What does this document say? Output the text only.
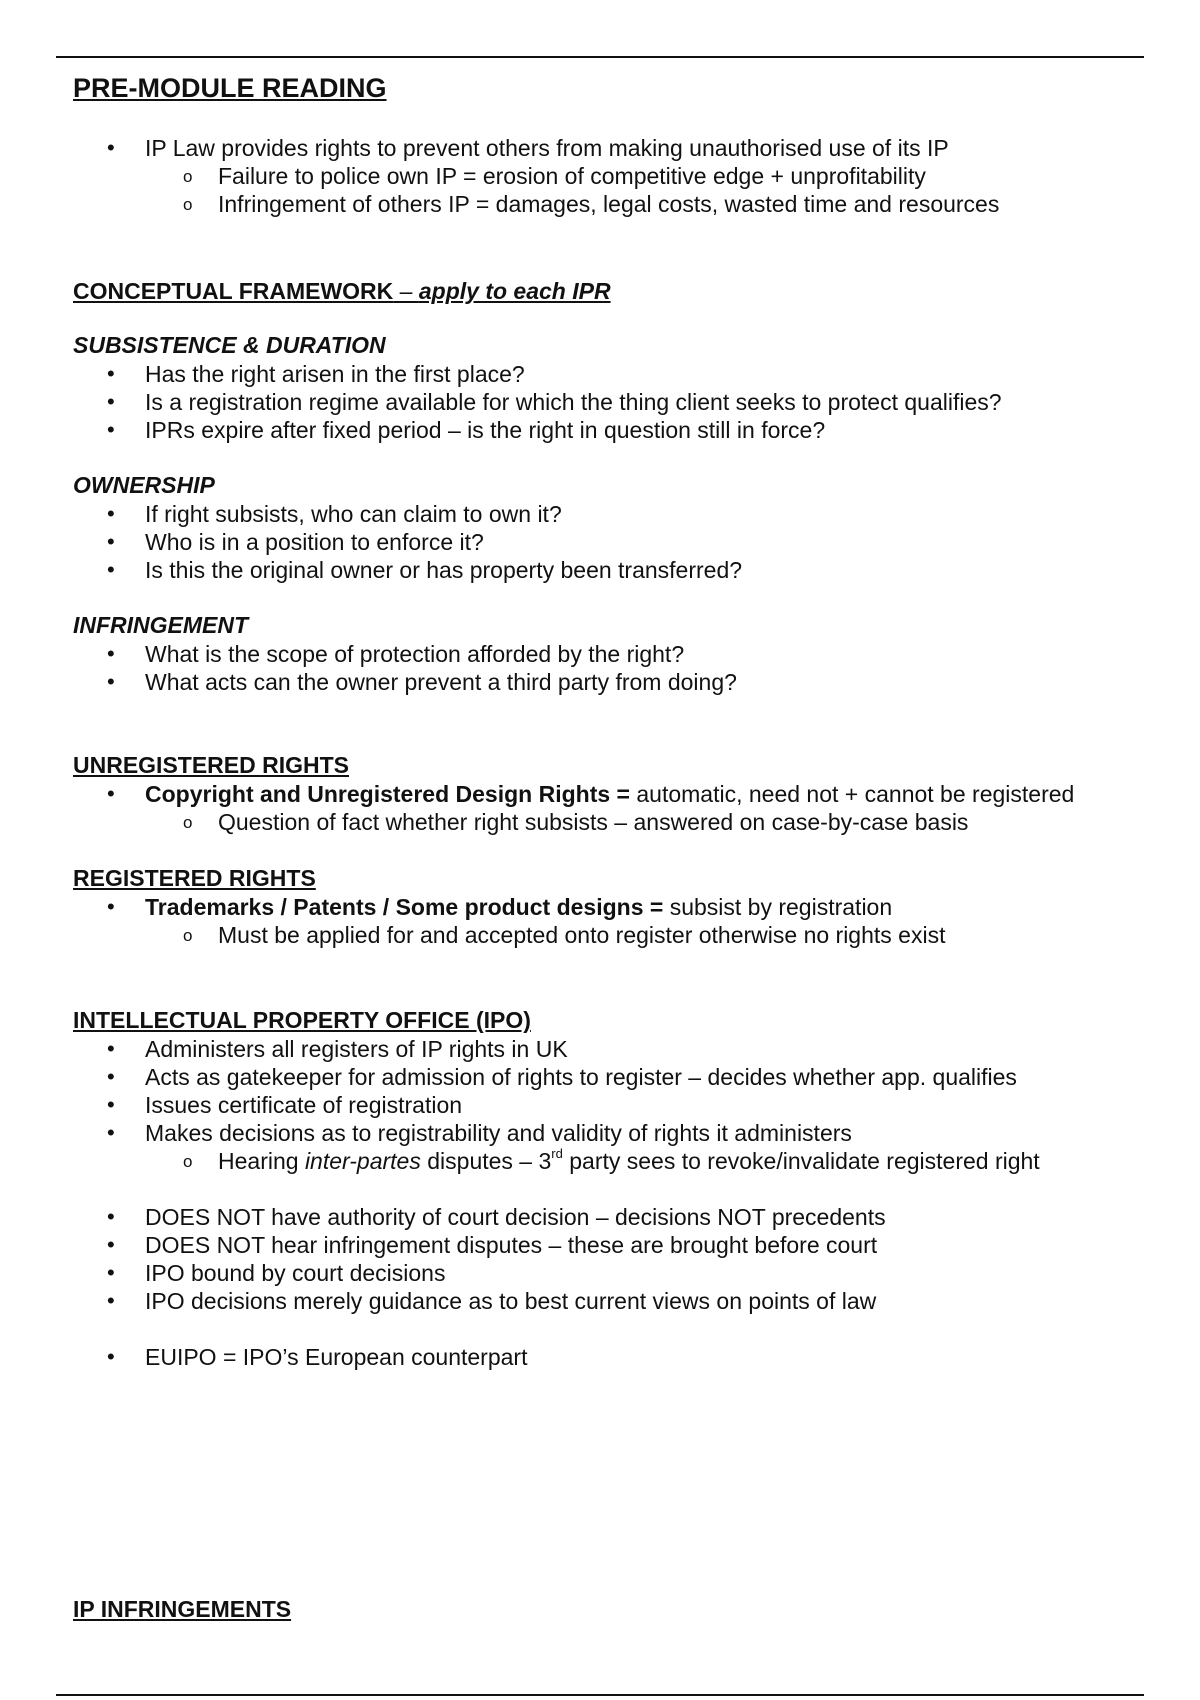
PRE-MODULE READING
• IP Law provides rights to prevent others from making unauthorised use of its IP
o Failure to police own IP = erosion of competitive edge + unprofitability
o Infringement of others IP = damages, legal costs, wasted time and resources
CONCEPTUAL FRAMEWORK – apply to each IPR
SUBSISTENCE & DURATION
• Has the right arisen in the first place?
• Is a registration regime available for which the thing client seeks to protect qualifies?
• IPRs expire after fixed period – is the right in question still in force?
OWNERSHIP
• If right subsists, who can claim to own it?
• Who is in a position to enforce it?
• Is this the original owner or has property been transferred?
INFRINGEMENT
• What is the scope of protection afforded by the right?
• What acts can the owner prevent a third party from doing?
UNREGISTERED RIGHTS
• Copyright and Unregistered Design Rights = automatic, need not + cannot be registered
o Question of fact whether right subsists – answered on case-by-case basis
REGISTERED RIGHTS
• Trademarks / Patents / Some product designs = subsist by registration
o Must be applied for and accepted onto register otherwise no rights exist
INTELLECTUAL PROPERTY OFFICE (IPO)
• Administers all registers of IP rights in UK
• Acts as gatekeeper for admission of rights to register – decides whether app. qualifies
• Issues certificate of registration
• Makes decisions as to registrability and validity of rights it administers
o Hearing inter-partes disputes – 3rd party sees to revoke/invalidate registered right
• DOES NOT have authority of court decision – decisions NOT precedents
• DOES NOT hear infringement disputes – these are brought before court
• IPO bound by court decisions
• IPO decisions merely guidance as to best current views on points of law
• EUIPO = IPO’s European counterpart
IP INFRINGEMENTS
